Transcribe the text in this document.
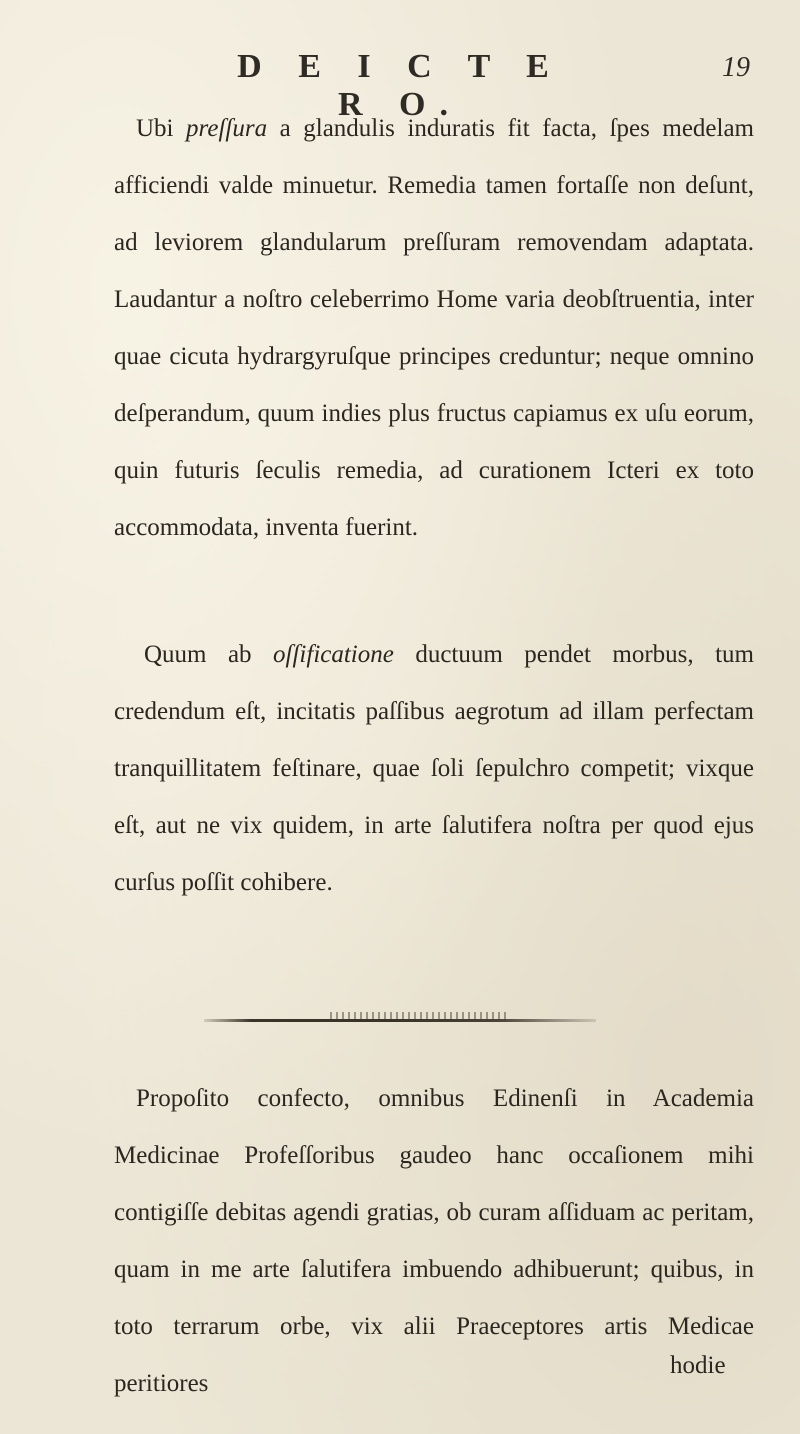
D E I C T E R O.
19
Ubi preſſura a glandulis induratis fit facta, ſpes medelam afficiendi valde minuetur. Remedia tamen fortaſſe non deſunt, ad leviorem glandularum preſſuram removendam adaptata. Laudantur a noſtro celeberrimo Home varia deobſtruentia, inter quae cicuta hydrargyruſque principes creduntur; neque omnino deſperandum, quum indies plus fructus capiamus ex uſu eorum, quin futuris ſeculis remedia, ad curationem Icteri ex toto accommodata, inventa fuerint.
Quum ab oſſificatione ductuum pendet morbus, tum credendum eſt, incitatis paſſibus aegrotum ad illam perfectam tranquillitatem feſtinare, quae ſoli ſepulchro competit; vixque eſt, aut ne vix quidem, in arte ſalutifera noſtra per quod ejus curſus poſſit cohibere.
Propoſito confecto, omnibus Edinenſi in Academia Medicinae Profeſſoribus gaudeo hanc occaſionem mihi contigiſſe debitas agendi gratias, ob curam aſſiduam ac peritam, quam in me arte ſalutifera imbuendo adhibuerunt; quibus, in toto terrarum orbe, vix alii Praeceptores artis Medicae peritiores
hodie
